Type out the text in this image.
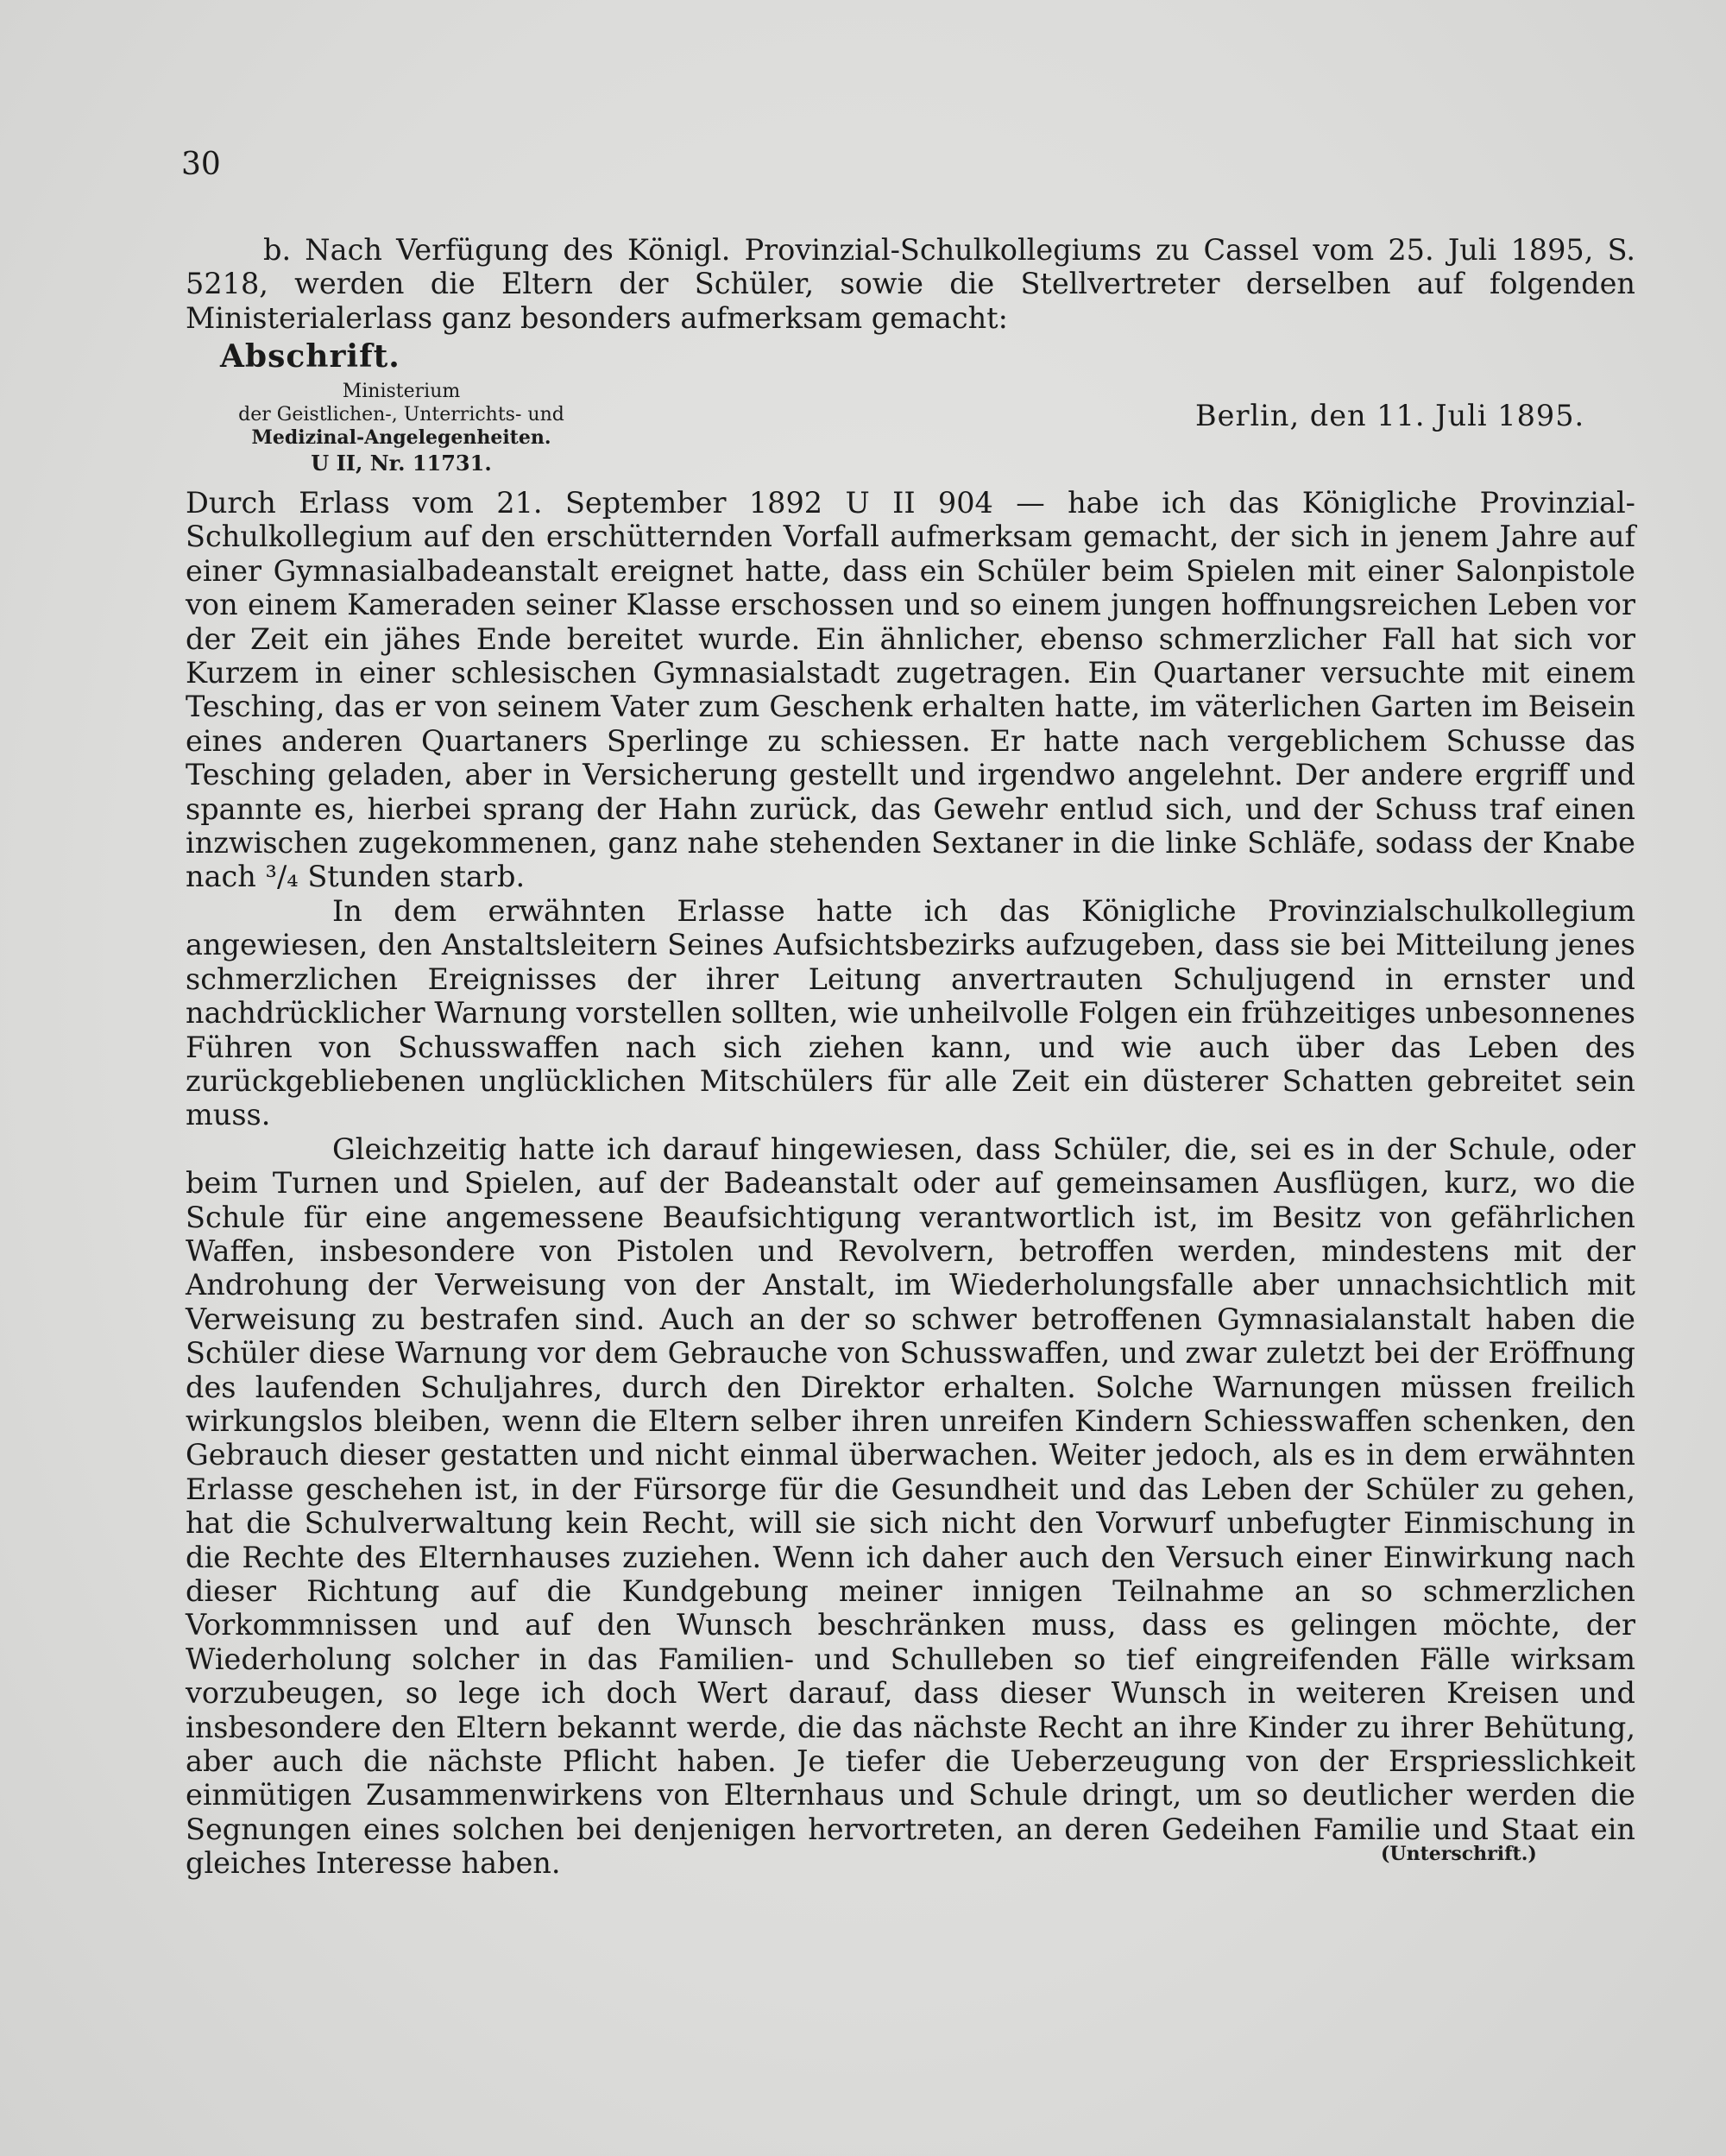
30

b. Nach Verfügung des Königl. Provinzial-Schulkollegiums zu Cassel vom 25. Juli 1895, S. 5218, werden die Eltern der Schüler, sowie die Stellvertreter derselben auf folgenden Ministerialerlass ganz besonders aufmerksam gemacht:

Abschrift.
Ministerium
der Geistlichen-, Unterrichts- und
Medizinal-Angelegenheiten.
U II, Nr. 11731.
Berlin, den 11. Juli 1895.

Durch Erlass vom 21. September 1892 U II 904 — habe ich das Königliche Provinzial-Schulkollegium auf den erschütternden Vorfall aufmerksam gemacht, der sich in jenem Jahre auf einer Gymnasialbadeanstalt ereignet hatte, dass ein Schüler beim Spielen mit einer Salonpistole von einem Kameraden seiner Klasse erschossen und so einem jungen hoffnungsreichen Leben vor der Zeit ein jähes Ende bereitet wurde. Ein ähnlicher, ebenso schmerzlicher Fall hat sich vor Kurzem in einer schlesischen Gymnasialstadt zugetragen. Ein Quartaner versuchte mit einem Tesching, das er von seinem Vater zum Geschenk erhalten hatte, im väterlichen Garten im Beisein eines anderen Quartaners Sperlinge zu schiessen. Er hatte nach vergeblichem Schusse das Tesching geladen, aber in Versicherung gestellt und irgendwo angelehnt. Der andere ergriff und spannte es, hierbei sprang der Hahn zurück, das Gewehr entlud sich, und der Schuss traf einen inzwischen zugekommenen, ganz nahe stehenden Sextaner in die linke Schläfe, sodass der Knabe nach ³/₄ Stunden starb.

In dem erwähnten Erlasse hatte ich das Königliche Provinzialschulkollegium angewiesen, den Anstaltsleitern Seines Aufsichtsbezirks aufzugeben, dass sie bei Mitteilung jenes schmerzlichen Ereignisses der ihrer Leitung anvertrauten Schuljugend in ernster und nachdrücklicher Warnung vorstellen sollten, wie unheilvolle Folgen ein frühzeitiges unbesonnenes Führen von Schusswaffen nach sich ziehen kann, und wie auch über das Leben des zurückgebliebenen unglücklichen Mitschülers für alle Zeit ein düsterer Schatten gebreitet sein muss.

Gleichzeitig hatte ich darauf hingewiesen, dass Schüler, die, sei es in der Schule, oder beim Turnen und Spielen, auf der Badeanstalt oder auf gemeinsamen Ausflügen, kurz, wo die Schule für eine angemessene Beaufsichtigung verantwortlich ist, im Besitz von gefährlichen Waffen, insbesondere von Pistolen und Revolvern, betroffen werden, mindestens mit der Androhung der Verweisung von der Anstalt, im Wiederholungsfalle aber unnachsichtlich mit Verweisung zu bestrafen sind. Auch an der so schwer betroffenen Gymnasialanstalt haben die Schüler diese Warnung vor dem Gebrauche von Schusswaffen, und zwar zuletzt bei der Eröffnung des laufenden Schuljahres, durch den Direktor erhalten. Solche Warnungen müssen freilich wirkungslos bleiben, wenn die Eltern selber ihren unreifen Kindern Schiesswaffen schenken, den Gebrauch dieser gestatten und nicht einmal überwachen. Weiter jedoch, als es in dem erwähnten Erlasse geschehen ist, in der Fürsorge für die Gesundheit und das Leben der Schüler zu gehen, hat die Schulverwaltung kein Recht, will sie sich nicht den Vorwurf unbefugter Einmischung in die Rechte des Elternhauses zuziehen. Wenn ich daher auch den Versuch einer Einwirkung nach dieser Richtung auf die Kundgebung meiner innigen Teilnahme an so schmerzlichen Vorkommnissen und auf den Wunsch beschränken muss, dass es gelingen möchte, der Wiederholung solcher in das Familien- und Schulleben so tief eingreifenden Fälle wirksam vorzubeugen, so lege ich doch Wert darauf, dass dieser Wunsch in weiteren Kreisen und insbesondere den Eltern bekannt werde, die das nächste Recht an ihre Kinder zu ihrer Behütung, aber auch die nächste Pflicht haben. Je tiefer die Ueberzeugung von der Erspriesslichkeit einmütigen Zusammenwirkens von Elternhaus und Schule dringt, um so deutlicher werden die Segnungen eines solchen bei denjenigen hervortreten, an deren Gedeihen Familie und Staat ein gleiches Interesse haben.	(Unterschrift.)
